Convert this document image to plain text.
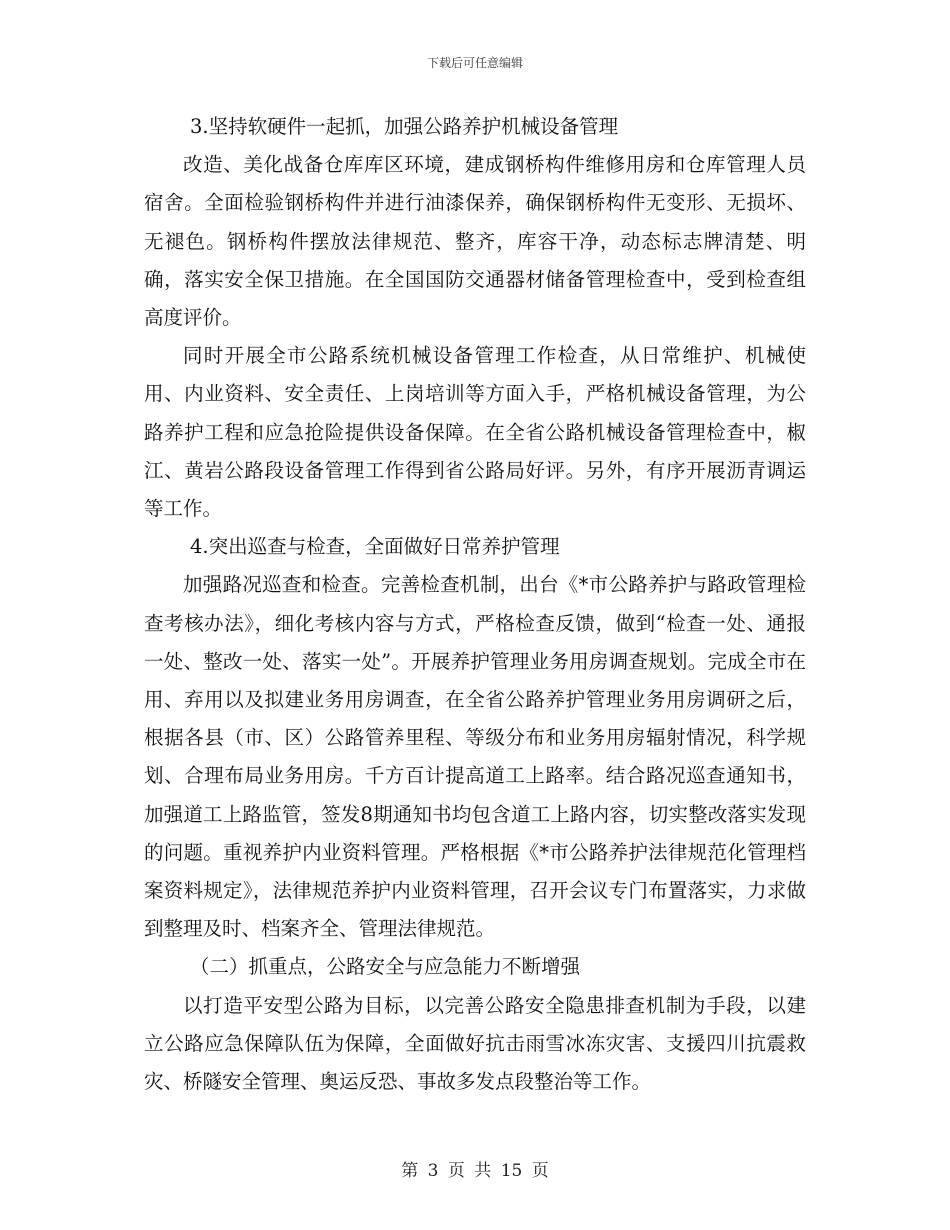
下载后可任意编辑

3.坚持软硬件一起抓，加强公路养护机械设备管理

改造、美化战备仓库库区环境，建成钢桥构件维修用房和仓库管理人员宿舍。全面检验钢桥构件并进行油漆保养，确保钢桥构件无变形、无损坏、无褪色。钢桥构件摆放法律规范、整齐，库容干净，动态标志牌清楚、明确，落实安全保卫措施。在全国国防交通器材储备管理检查中，受到检查组高度评价。

同时开展全市公路系统机械设备管理工作检查，从日常维护、机械使用、内业资料、安全责任、上岗培训等方面入手，严格机械设备管理，为公路养护工程和应急抢险提供设备保障。在全省公路机械设备管理检查中，椒江、黄岩公路段设备管理工作得到省公路局好评。另外，有序开展沥青调运等工作。

4.突出巡查与检查，全面做好日常养护管理

加强路况巡查和检查。完善检查机制，出台《*市公路养护与路政管理检查考核办法》，细化考核内容与方式，严格检查反馈，做到“检查一处、通报一处、整改一处、落实一处”。开展养护管理业务用房调查规划。完成全市在用、弃用以及拟建业务用房调查，在全省公路养护管理业务用房调研之后，根据各县（市、区）公路管养里程、等级分布和业务用房辐射情况，科学规划、合理布局业务用房。千方百计提高道工上路率。结合路况巡查通知书，加强道工上路监管，签发8期通知书均包含道工上路内容，切实整改落实发现的问题。重视养护内业资料管理。严格根据《*市公路养护法律规范化管理档案资料规定》，法律规范养护内业资料管理，召开会议专门布置落实，力求做到整理及时、档案齐全、管理法律规范。

（二）抓重点，公路安全与应急能力不断增强

以打造平安型公路为目标，以完善公路安全隐患排查机制为手段，以建立公路应急保障队伍为保障，全面做好抗击雨雪冰冻灾害、支援四川抗震救灾、桥隧安全管理、奥运反恐、事故多发点段整治等工作。

第 3 页 共 15 页
